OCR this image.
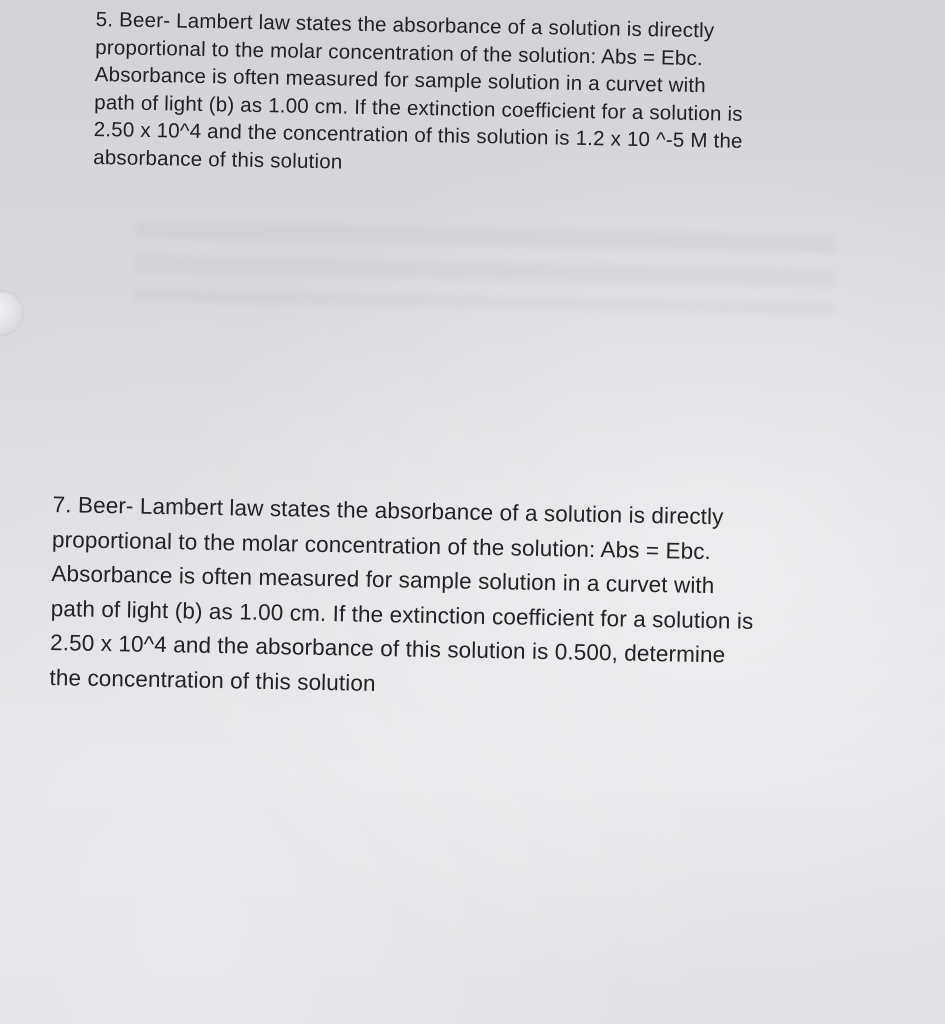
5. Beer- Lambert law states the absorbance of a solution is directly
proportional to the molar concentration of the solution: Abs = Ebc.
Absorbance is often measured for sample solution in a curvet with
path of light (b) as 1.00 cm. If the extinction coefficient for a solution is
2.50 x 10^4 and the concentration of this solution is 1.2 x 10 ^-5 M the
absorbance of this solution

7. Beer- Lambert law states the absorbance of a solution is directly
proportional to the molar concentration of the solution: Abs = Ebc.
Absorbance is often measured for sample solution in a curvet with
path of light (b) as 1.00 cm. If the extinction coefficient for a solution is
2.50 x 10^4 and the absorbance of this solution is 0.500, determine
the concentration of this solution
